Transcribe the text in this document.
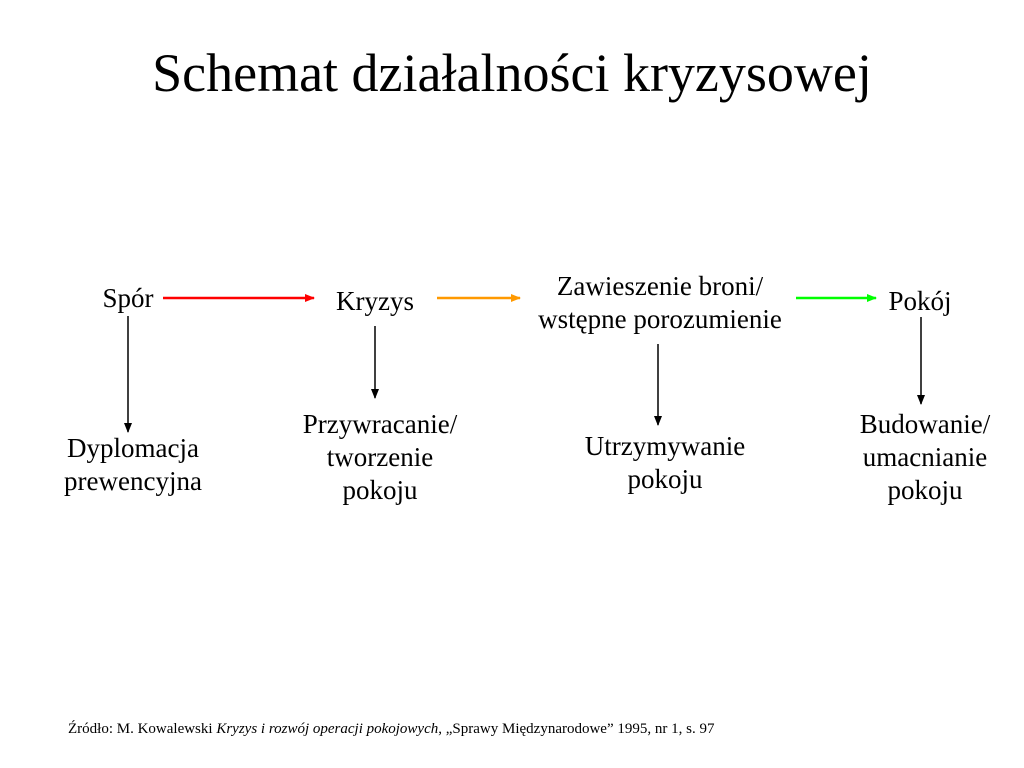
Schemat działalności kryzysowej
Spór	Kryzys	Zawieszenie broni/
wstępne porozumienie
Pokój
Dyplomacja
prewencyjna
Przywracanie/
tworzenie
pokoju
Utrzymywanie
pokoju
Budowanie/
umacnianie
pokoju
Źródło: M. Kowalewski Kryzys i rozwój operacji pokojowych, „Sprawy Międzynarodowe” 1995, nr 1, s. 97
